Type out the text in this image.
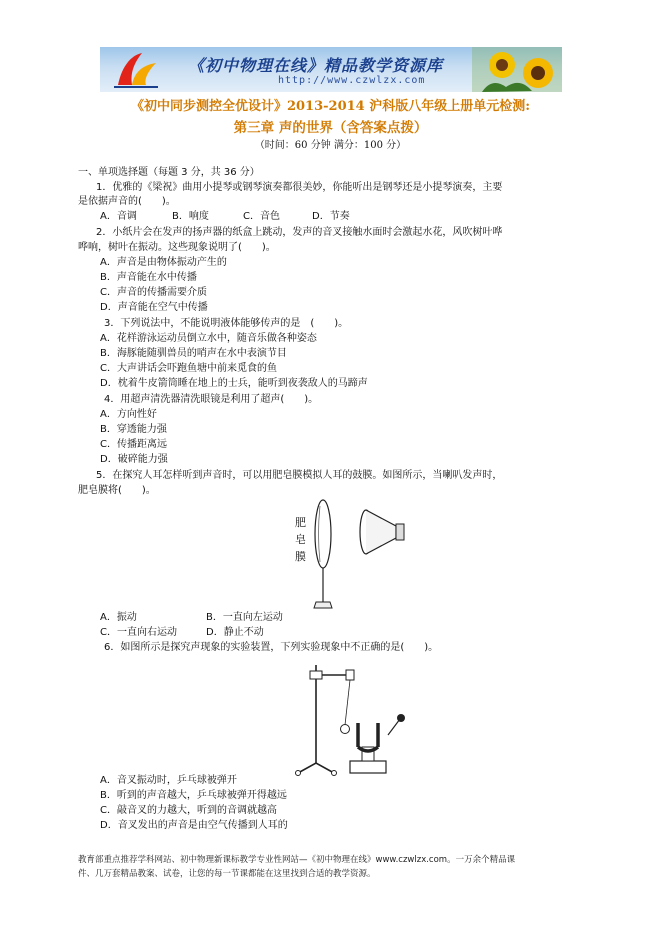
《初中物理在线》精品教学资源库
http://www.czwlzx.com
《初中同步测控全优设计》2013-2014 沪科版八年级上册单元检测:
第三章 声的世界（含答案点拨）
（时间：60 分钟 满分：100 分）
一、单项选择题（每题 3 分，共 36 分）
1．优雅的《梁祝》曲用小提琴或钢琴演奏都很美妙，你能听出是钢琴还是小提琴演奏，主要
是依据声音的(　　)。
A．音调	B．响度	C．音色	D．节奏
2．小纸片会在发声的扬声器的纸盒上跳动，发声的音叉接触水面时会激起水花，风吹树叶哗
哗响，树叶在振动。这些现象说明了(　　)。
A．声音是由物体振动产生的
B．声音能在水中传播
C．声音的传播需要介质
D．声音能在空气中传播
3．下列说法中，不能说明液体能够传声的是　(　　)。
A．花样游泳运动员倒立水中，随音乐做各种姿态
B．海豚能随驯兽员的哨声在水中表演节目
C．大声讲话会吓跑鱼塘中前来觅食的鱼
D．枕着牛皮箭筒睡在地上的士兵，能听到夜袭敌人的马蹄声
4．用超声清洗器清洗眼镜是利用了超声(　　)。
A．方向性好
B．穿透能力强
C．传播距离远
D．破碎能力强
5．在探究人耳怎样听到声音时，可以用肥皂膜模拟人耳的鼓膜。如图所示，当喇叭发声时，
肥皂膜将(　　)。
肥
皂
膜
A．振动	B．一直向左运动
C．一直向右运动	D．静止不动
6．如图所示是探究声现象的实验装置，下列实验现象中不正确的是(　　)。
A．音叉振动时，乒乓球被弹开
B．听到的声音越大，乒乓球被弹开得越远
C．敲音叉的力越大，听到的音调就越高
D．音叉发出的声音是由空气传播到人耳的
教育部重点推荐学科网站、初中物理新课标教学专业性网站—《初中物理在线》www.czwlzx.com。一万余个精品课
件、几万套精品教案、试卷，让您的每一节课都能在这里找到合适的教学资源。
